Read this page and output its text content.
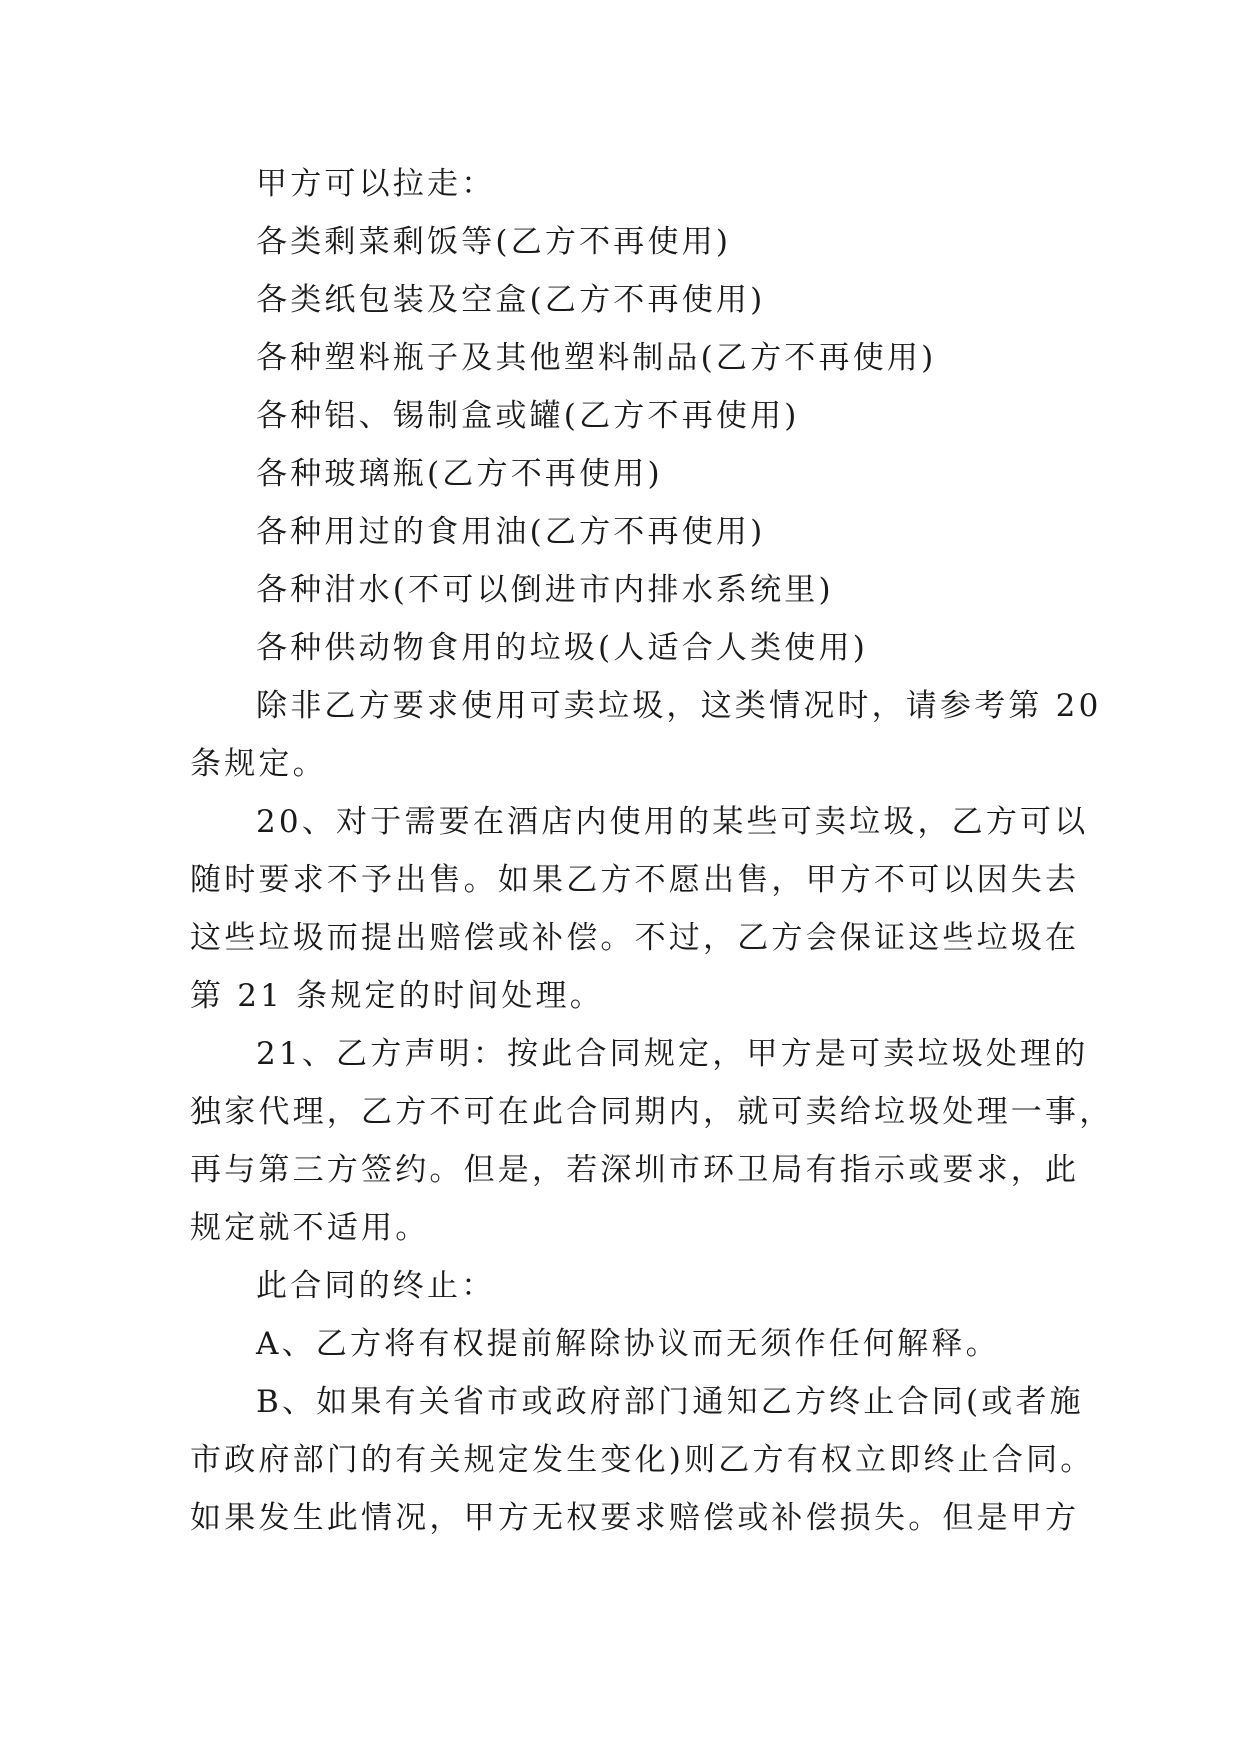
甲方可以拉走：
各类剩菜剩饭等(乙方不再使用)
各类纸包装及空盒(乙方不再使用)
各种塑料瓶子及其他塑料制品(乙方不再使用)
各种铝、锡制盒或罐(乙方不再使用)
各种玻璃瓶(乙方不再使用)
各种用过的食用油(乙方不再使用)
各种泔水(不可以倒进市内排水系统里)
各种供动物食用的垃圾(人适合人类使用)
除非乙方要求使用可卖垃圾，这类情况时，请参考第 20
条规定。
20、对于需要在酒店内使用的某些可卖垃圾，乙方可以
随时要求不予出售。如果乙方不愿出售，甲方不可以因失去
这些垃圾而提出赔偿或补偿。不过，乙方会保证这些垃圾在
第 21 条规定的时间处理。
21、乙方声明：按此合同规定，甲方是可卖垃圾处理的
独家代理，乙方不可在此合同期内，就可卖给垃圾处理一事，
再与第三方签约。但是，若深圳市环卫局有指示或要求，此
规定就不适用。
此合同的终止：
A、乙方将有权提前解除协议而无须作任何解释。
B、如果有关省市或政府部门通知乙方终止合同(或者施
市政府部门的有关规定发生变化)则乙方有权立即终止合同。
如果发生此情况，甲方无权要求赔偿或补偿损失。但是甲方
